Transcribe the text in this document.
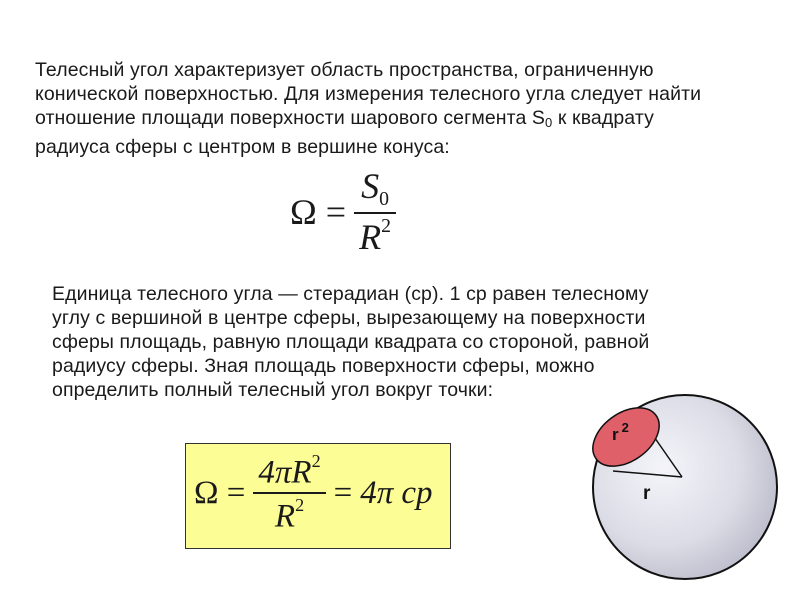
Телесный угол характеризует область пространства, ограниченную
конической поверхностью. Для измерения телесного угла следует найти
отношение площади поверхности шарового сегмента $S_0$ к квадрату
радиуса сферы с центром в вершине конуса:
$\Omega = \frac{S_0}{R^2}$
Единица телесного угла — стерадиан (ср). 1 ср равен телесному
углу с вершиной в центре сферы, вырезающему на поверхности
сферы площадь, равную площади квадрата со стороной, равной
радиусу сферы. Зная площадь поверхности сферы, можно
определить полный телесный угол вокруг точки:
$\Omega = \frac{4\pi R^2}{R^2} = 4\pi$ ср
r $^2$
r
